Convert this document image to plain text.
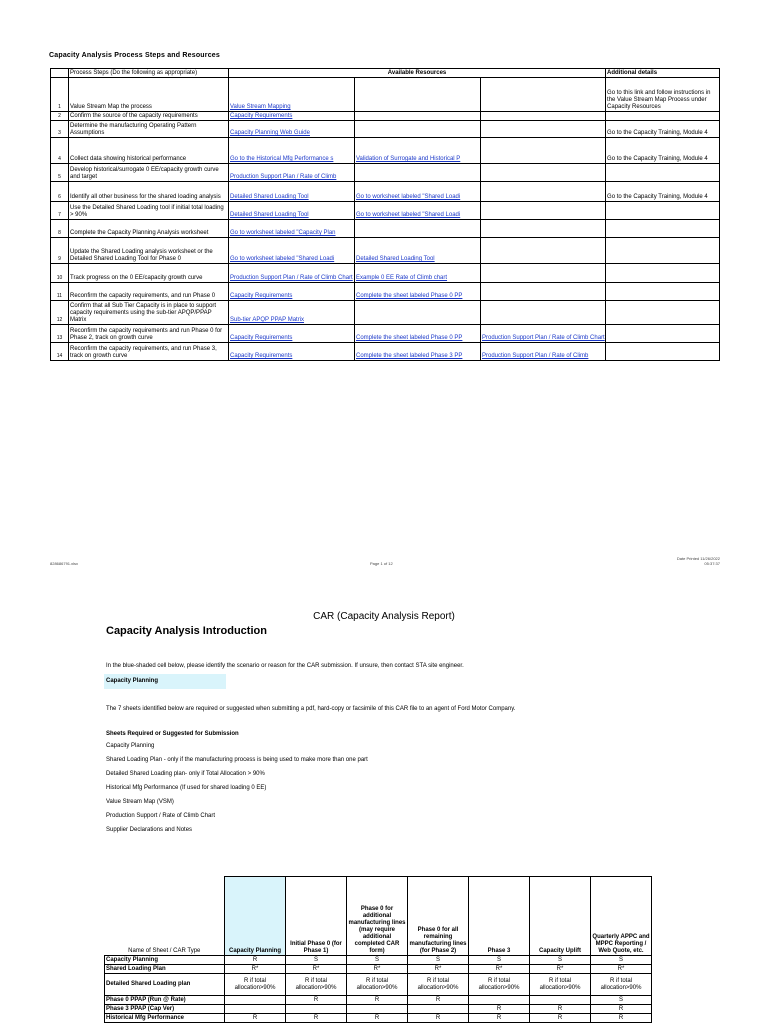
Capacity Analysis Process Steps and Resources
	Process Steps (Do the following as appropriate)	Available Resources			Additional details
1	Value Stream Map the process	Value Stream Mapping			Go to this link and follow instructions in the Value Stream Map Process under Capacity Resources
2	Confirm the source of the capacity requirements	Capacity Requirements			
3	Determine the manufacturing Operating Pattern Assumptions	Capacity Planning Web Guide			Go to the Capacity Training, Module 4
4	Collect data showing historical performance	Go to the Historical Mfg Performance s	Validation of Surrogate and Historical P		Go to the Capacity Training, Module 4
5	Develop historical/surrogate 0 EE/capacity growth curve and target	Production Support Plan / Rate of Climb			
6	Identify all other business for the shared loading analysis	Detailed Shared Loading Tool	Go to worksheet labeled "Shared Loadi		Go to the Capacity Training, Module 4
7	Use the Detailed Shared Loading tool if initial total loading > 90%	Detailed Shared Loading Tool	Go to worksheet labeled "Shared Loadi		
8	Complete the Capacity Planning Analysis worksheet	Go to worksheet labeled "Capacity Plan			
9	Update the Shared Loading analysis worksheet or the Detailed Shared Loading Tool for Phase 0	Go to worksheet labeled "Shared Loadi	Detailed Shared Loading Tool		
10	Track progress on the 0 EE/capacity growth curve	Production Support Plan / Rate of Climb Chart	Example 0 EE Rate of Climb chart		
11	Reconfirm the capacity requirements, and run Phase 0	Capacity Requirements	Complete the sheet labeled Phase 0 PP		
12	Confirm that all Sub Tier Capacity is in place to support capacity requirements using the sub-tier APQP/PPAP Matrix	Sub-tier APQP PPAP Matrix			
13	Reconfirm the capacity requirements and run Phase 0 for Phase 2, track on growth curve	Capacity Requirements	Complete the sheet labeled Phase 0 PP	Production Support Plan / Rate of Climb Chart	
14	Reconfirm the capacity requirements, and run Phase 3, track on growth curve	Capacity Requirements	Complete the sheet labeled Phase 3 PP	Production Support Plan / Rate of Climb	
828686791.xlsx	Page 1 of 12
Date Printed 11/26/2022
05:37:37
CAR (Capacity Analysis Report)
Capacity Analysis Introduction
In the blue-shaded cell below, please identify the scenario or reason for the CAR submission. If unsure, then contact STA site engineer.
Capacity Planning
The 7 sheets identified below are required or suggested when submitting a pdf, hard-copy or facsimile of this CAR file to an agent of Ford Motor Company.
Sheets Required or Suggested for Submission
Capacity Planning
Shared Loading Plan - only if the manufacturing process is being used to make more than one part
Detailed Shared Loading plan- only if Total Allocation > 90%
Historical Mfg Performance (If used for shared loading 0 EE)
Value Stream Map (VSM)
Production Support / Rate of Climb Chart
Supplier Declarations and Notes
Name of Sheet / CAR Type	Capacity Planning	Initial Phase 0 (for Phase 1)	Phase 0 for additional manufacturing lines (may require additional completed CAR form)	Phase 0 for all remaining manufacturing lines (for Phase 2)	Phase 3	Capacity Uplift	Quarterly APPC and MPPC Reporting / Web Quote, etc.
Capacity Planning	R	S	S	S	S	S	S
Shared Loading Plan	R*	R*	R*	R*	R*	R*	R*
Detailed Shared Loading plan	R if total allocation>90%	R if total allocation>90%	R if total allocation>90%	R if total allocation>90%	R if total allocation>90%	R if total allocation>90%	R if total allocation>90%
Phase 0 PPAP (Run @ Rate)		R	R	R			S
Phase 3 PPAP (Cap Ver)					R	R	R
Historical Mfg Performance	R	R	R	R	R	R	R
